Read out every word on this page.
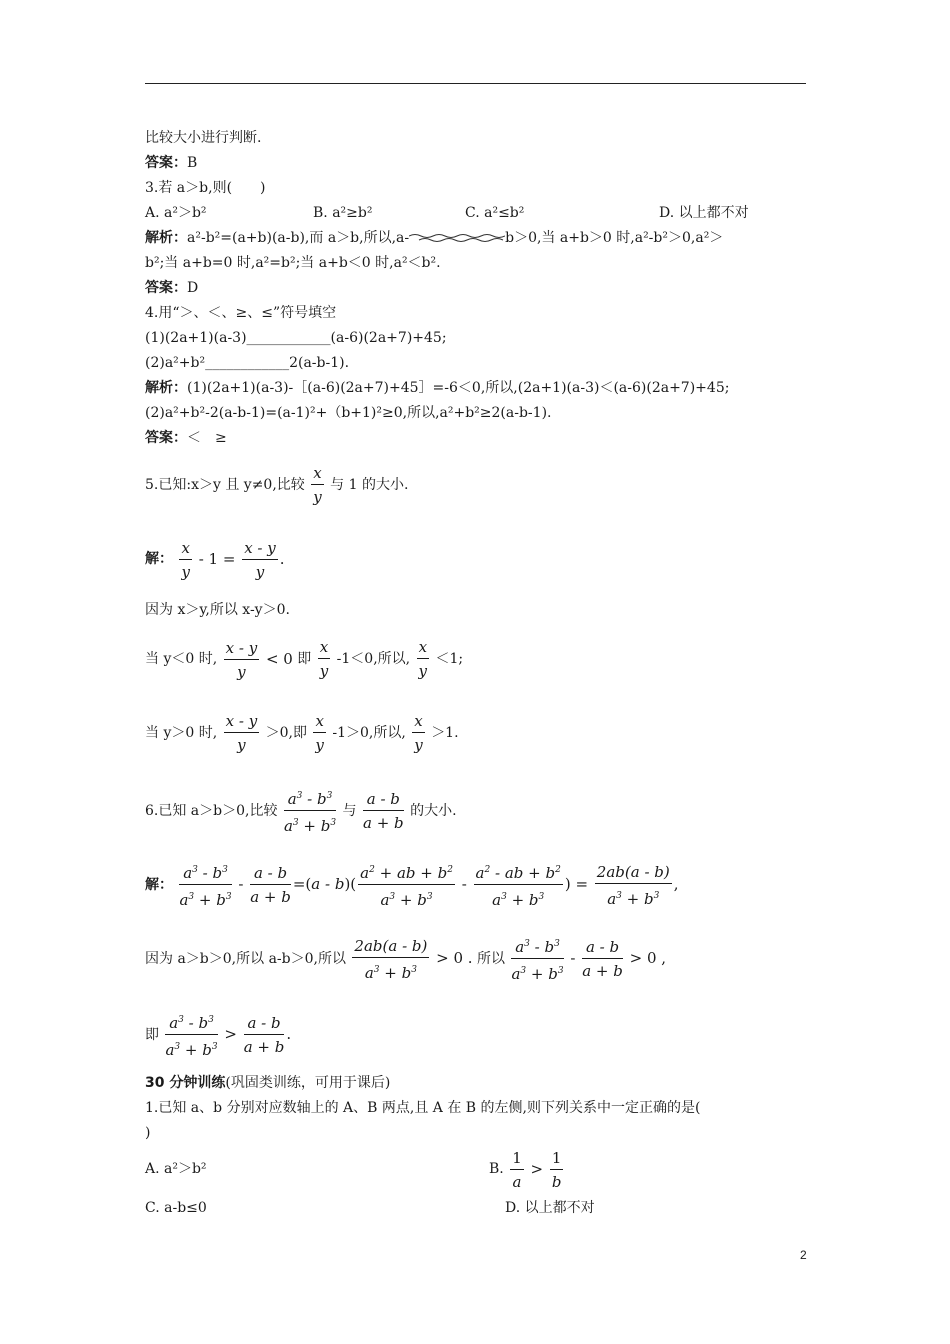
比较大小进行判断.
答案：B
3.若 a＞b,则(　　)
A. a²＞b²	B. a²≥b²	C. a²≤b²	D. 以上都不对
解析：a²-b²=(a+b)(a-b),而 a＞b,所以,a-	b＞0,当 a+b＞0 时,a²-b²＞0,a²＞
b²;当 a+b=0 时,a²=b²;当 a+b＜0 时,a²＜b².
答案：D
4.用“＞、＜、≥、≤”符号填空
(1)(2a+1)(a-3)____________(a-6)(2a+7)+45;
(2)a²+b²____________2(a-b-1).
解析：(1)(2a+1)(a-3)-［(a-6)(2a+7)+45］=-6＜0,所以,(2a+1)(a-3)＜(a-6)(2a+7)+45;
(2)a²+b²-2(a-b-1)=(a-1)²+（b+1)²≥0,所以,a²+b²≥2(a-b-1).
答案：＜　≥
5.已知:x＞y 且 y≠0,比较 $\frac{x}{y}$ 与 1 的大小.
解： $\frac{x}{y} - 1 = \frac{x - y}{y}$ .
因为 x＞y,所以 x-y＞0.
当 y＜0 时, $\frac{x - y}{y} < 0$ 即 $\frac{x}{y} -1<0$,所以, $\frac{x}{y} <1$;
当 y＞0 时, $\frac{x - y}{y} >0$,即 $\frac{x}{y} -1>0$,所以, $\frac{x}{y} >1$.
6.已知 a＞b＞0,比较 $\frac{a^3 - b^3}{a^3 + b^3}$ 与 $\frac{a - b}{a + b}$ 的大小.
解： $\frac{a^3 - b^3}{a^3 + b^3} - \frac{a - b}{a + b} =(a - b)( \frac{a^2 + ab + b^2}{a^3 + b^3} - \frac{a^2 - ab + b^2}{a^3 + b^3}$ ) = $\frac{2ab(a - b)}{a^3 + b^3}$ ,
因为 a＞b＞0,所以 a-b＞0,所以 $\frac{2ab(a - b)}{a^3 + b^3} > 0$ . 所以 $\frac{a^3 - b^3}{a^3 + b^3} - \frac{a - b}{a + b} > 0$ ,
即 $\frac{a^3 - b^3}{a^3 + b^3} > \frac{a - b}{a + b}$ .
30 分钟训练(巩固类训练，可用于课后)
1.已知 a、b 分别对应数轴上的 A、B 两点,且 A 在 B 的左侧,则下列关系中一定正确的是(
)
A. a²＞b²	B. $\frac{1}{a} > \frac{1}{b}$
C. a-b≤0	D. 以上都不对
2
